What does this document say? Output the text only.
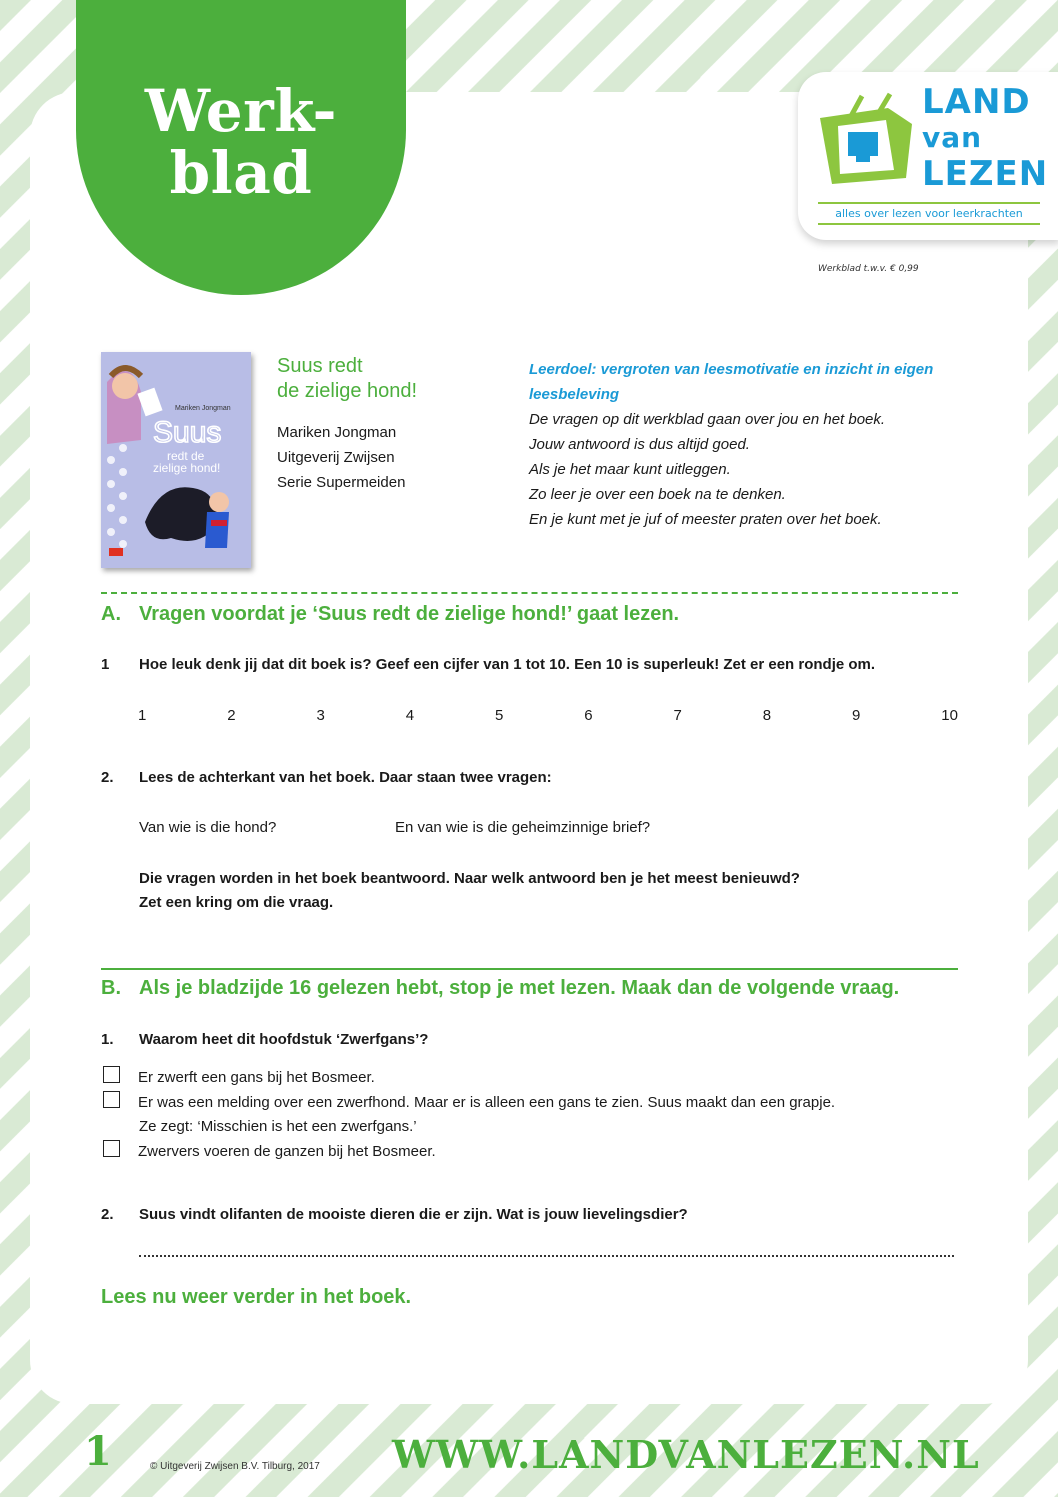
Werk-
blad
LAND
van
LEZEN
alles over lezen voor leerkrachten
Werkblad t.w.v. € 0,99
Mariken Jongman
Suus
redt de
zielige hond!
Suus redt
de zielige hond!
Mariken Jongman
Uitgeverij Zwijsen
Serie Supermeiden
Leerdoel: vergroten van leesmotivatie en inzicht in eigen
leesbeleving
De vragen op dit werkblad gaan over jou en het boek.
Jouw antwoord is dus altijd goed.
Als je het maar kunt uitleggen.
Zo leer je over een boek na te denken.
En je kunt met je juf of meester praten over het boek.
A. Vragen voordat je ‘Suus redt de zielige hond!’ gaat lezen.
1 Hoe leuk denk jij dat dit boek is? Geef een cijfer van 1 tot 10. Een 10 is superleuk! Zet er een rondje om.
1	2	3	4	5	6	7	8	9	10
2. Lees de achterkant van het boek. Daar staan twee vragen:
Van wie is die hond?	En van wie is die geheimzinnige brief?
Die vragen worden in het boek beantwoord. Naar welk antwoord ben je het meest benieuwd?
Zet een kring om die vraag.
B. Als je bladzijde 16 gelezen hebt, stop je met lezen. Maak dan de volgende vraag.
1. Waarom heet dit hoofdstuk ‘Zwerfgans’?
Er zwerft een gans bij het Bosmeer.
Er was een melding over een zwerfhond. Maar er is alleen een gans te zien. Suus maakt dan een grapje.
Ze zegt: ‘Misschien is het een zwerfgans.’
Zwervers voeren de ganzen bij het Bosmeer.
2. Suus vindt olifanten de mooiste dieren die er zijn. Wat is jouw lievelingsdier?
Lees nu weer verder in het boek.
1	© Uitgeverij Zwijsen B.V. Tilburg, 2017 WWW.LANDVANLEZEN.NL
